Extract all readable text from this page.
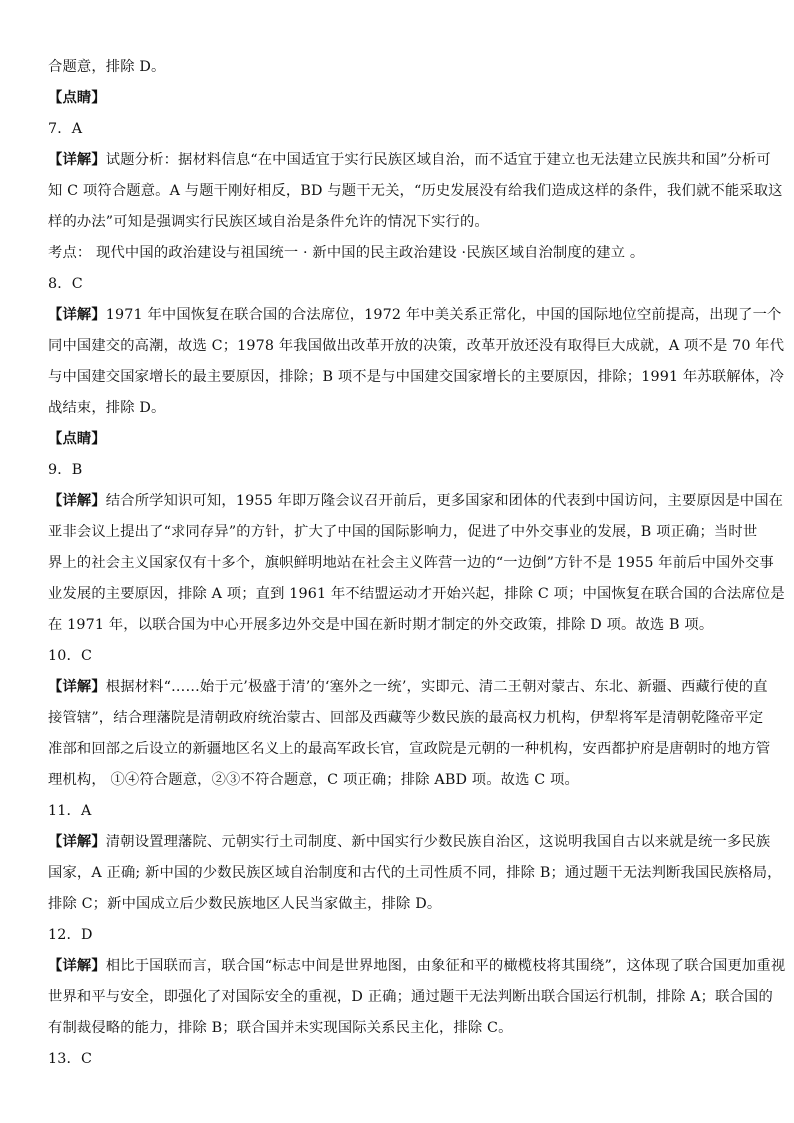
合题意，排除 D。
【点睛】
7．A
【详解】试题分析：据材料信息“在中国适宜于实行民族区域自治，而不适宜于建立也无法建立民族共和国”分析可
知 C 项符合题意。A 与题干刚好相反，BD 与题干无关，“历史发展没有给我们造成这样的条件，我们就不能采取这
样的办法”可知是强调实行民族区域自治是条件允许的情况下实行的。
考点： 现代中国的政治建设与祖国统一 · 新中国的民主政治建设 ·民族区域自治制度的建立 。
8．C
【详解】1971 年中国恢复在联合国的合法席位，1972 年中美关系正常化，中国的国际地位空前提高，出现了一个
同中国建交的高潮，故选 C；1978 年我国做出改革开放的决策，改革开放还没有取得巨大成就，A 项不是 70 年代
与中国建交国家增长的最主要原因，排除；B 项不是与中国建交国家增长的主要原因，排除；1991 年苏联解体，冷
战结束，排除 D。
【点睛】
9．B
【详解】结合所学知识可知，1955 年即万隆会议召开前后，更多国家和团体的代表到中国访问，主要原因是中国在
亚非会议上提出了“求同存异”的方针，扩大了中国的国际影响力，促进了中外交事业的发展，B 项正确；当时世
界上的社会主义国家仅有十多个，旗帜鲜明地站在社会主义阵营一边的“一边倒”方针不是 1955 年前后中国外交事
业发展的主要原因，排除 A 项；直到 1961 年不结盟运动才开始兴起，排除 C 项；中国恢复在联合国的合法席位是
在 1971 年，以联合国为中心开展多边外交是中国在新时期才制定的外交政策，排除 D 项。故选 B 项。
10．C
【详解】根据材料“……始于元’极盛于清’的‘塞外之一统’，实即元、清二王朝对蒙古、东北、新疆、西藏行使的直
接管辖”，结合理藩院是清朝政府统治蒙古、回部及西藏等少数民族的最高权力机构，伊犁将军是清朝乾隆帝平定
准部和回部之后设立的新疆地区名义上的最高军政长官，宣政院是元朝的一种机构，安西都护府是唐朝时的地方管
理机构， ①④符合题意，②③不符合题意，C 项正确；排除 ABD 项。故选 C 项。
11．A
【详解】清朝设置理藩院、元朝实行土司制度、新中国实行少数民族自治区，这说明我国自古以来就是统一多民族
国家，A 正确; 新中国的少数民族区域自治制度和古代的土司性质不同，排除 B；通过题干无法判断我国民族格局，
排除 C；新中国成立后少数民族地区人民当家做主，排除 D。
12．D
【详解】相比于国联而言，联合国“标志中间是世界地图，由象征和平的橄榄枝将其围绕”，这体现了联合国更加重视
世界和平与安全，即强化了对国际安全的重视，D 正确；通过题干无法判断出联合国运行机制，排除 A；联合国的
有制裁侵略的能力，排除 B；联合国并未实现国际关系民主化，排除 C。
13．C
